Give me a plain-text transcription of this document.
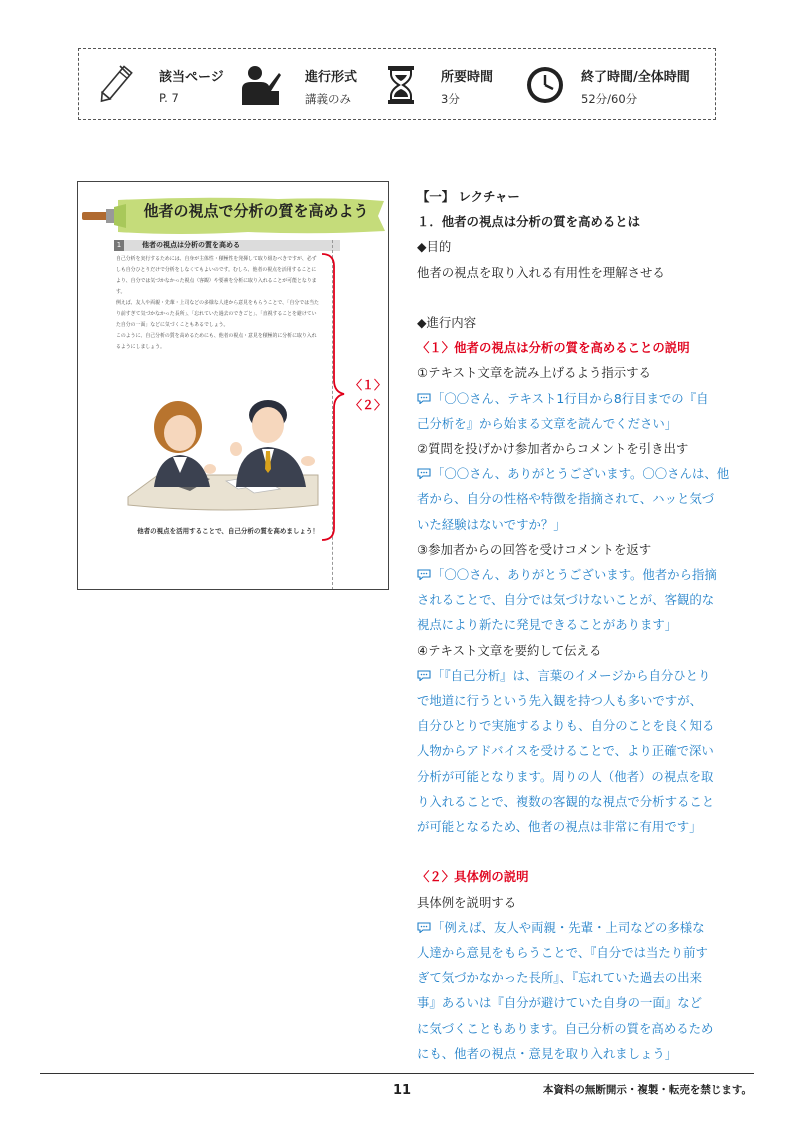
該当ページ
P. 7
進行形式
講義のみ
所要時間
3分
終了時間/全体時間
52分/60分
他者の視点で分析の質を高めよう
1	他者の視点は分析の質を高める

自己分析を実行するためには、自身が主体性・積極性を発揮して取り組むべきですが、必ずしも自分ひとりだけで分析をしなくてもよいのです。むしろ、他者の視点を活用することにより、自分では気づかなかった視点（客観）や要素を分析に取り入れることが可能となります。

例えば、友人や両親・先輩・上司などの多様な人達から意見をもらうことで、「自分では当たり前すぎて気づかなかった長所」、「忘れていた過去のできごと」、「直視することを避けていた自分の一面」などに気づくこともあるでしょう。

このように、自己分析の質を高めるためにも、他者の視点・意見を積極的に分析に取り入れるようにしましょう。

他者の視点を活用することで、自己分析の質を高めましょう！
〈１〉
〈２〉
【一】 レクチャー
１．他者の視点は分析の質を高めるとは
◆目的
他者の視点を取り入れる有用性を理解させる
◆進行内容
〈１〉他者の視点は分析の質を高めることの説明
①テキスト文章を読み上げるよう指示する
「〇〇さん、テキスト1行目から8行目までの『自
己分析を』から始まる文章を読んでください」
②質問を投げかけ参加者からコメントを引き出す
「〇〇さん、ありがとうございます。〇〇さんは、他
者から、自分の性格や特徴を指摘されて、ハッと気づ
いた経験はないですか？」
③参加者からの回答を受けコメントを返す
「〇〇さん、ありがとうございます。他者から指摘
されることで、自分では気づけないことが、客観的な
視点により新たに発見できることがあります」
④テキスト文章を要約して伝える
「『自己分析』は、言葉のイメージから自分ひとり
で地道に行うという先入観を持つ人も多いですが、
自分ひとりで実施するよりも、自分のことを良く知る
人物からアドバイスを受けることで、より正確で深い
分析が可能となります。周りの人（他者）の視点を取
り入れることで、複数の客観的な視点で分析すること
が可能となるため、他者の視点は非常に有用です」
〈２〉具体例の説明
具体例を説明する
「例えば、友人や両親・先輩・上司などの多様な
人達から意見をもらうことで、『自分では当たり前す
ぎて気づかなかった長所』、『忘れていた過去の出来
事』あるいは『自分が避けていた自身の一面』など
に気づくこともあります。自己分析の質を高めるため
にも、他者の視点・意見を取り入れましょう」
11	本資料の無断開示・複製・転売を禁じます。
